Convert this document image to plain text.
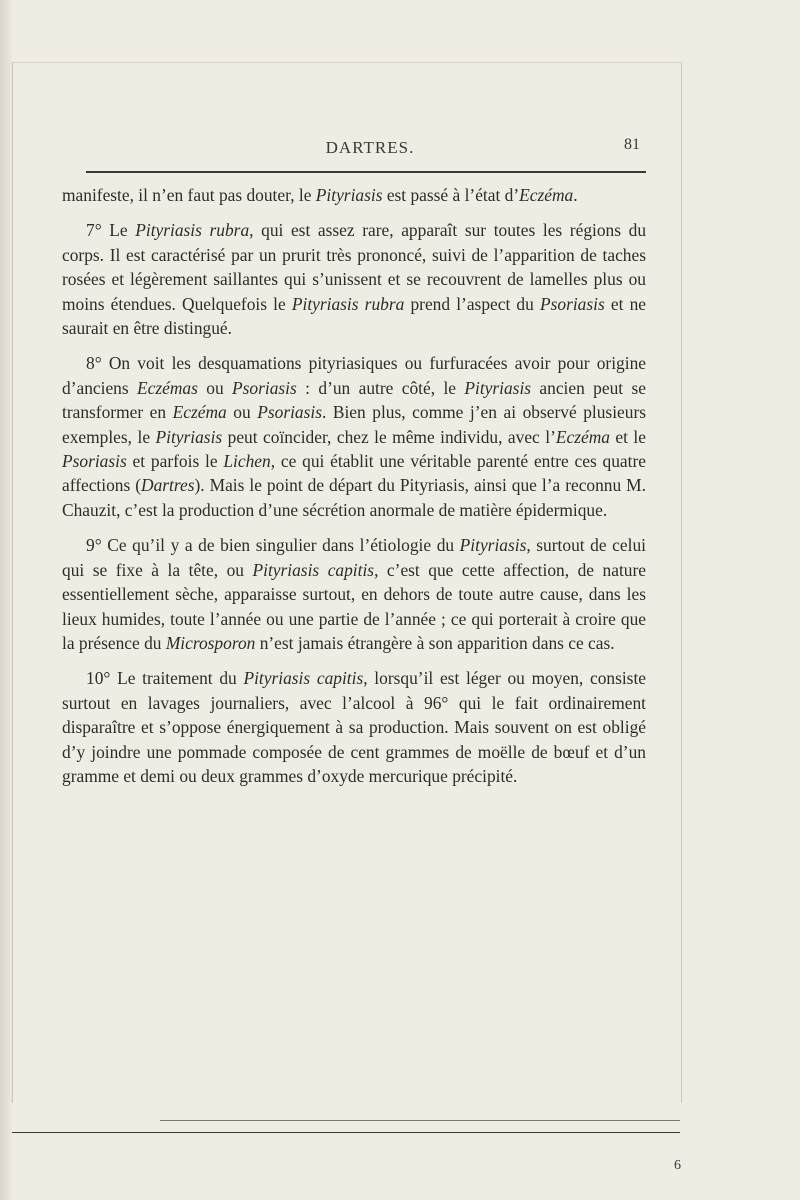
DARTRES.	81

manifeste, il n’en faut pas douter, le Pityriasis est passé à l’état d’Eczéma.

7° Le Pityriasis rubra, qui est assez rare, apparaît sur toutes les régions du corps. Il est caractérisé par un prurit très prononcé, suivi de l’apparition de taches rosées et légèrement saillantes qui s’unissent et se recouvrent de lamelles plus ou moins étendues. Quelquefois le Pityriasis rubra prend l’aspect du Psoriasis et ne saurait en être distingué.

8° On voit les desquamations pityriasiques ou furfuracées avoir pour origine d’anciens Eczémas ou Psoriasis : d’un autre côté, le Pityriasis ancien peut se transformer en Eczéma ou Psoriasis. Bien plus, comme j’en ai observé plusieurs exemples, le Pityriasis peut coïncider, chez le même individu, avec l’Eczéma et le Psoriasis et parfois le Lichen, ce qui établit une véritable parenté entre ces quatre affections (Dartres). Mais le point de départ du Pityriasis, ainsi que l’a reconnu M. Chauzit, c’est la production d’une sécrétion anormale de matière épidermique.

9° Ce qu’il y a de bien singulier dans l’étiologie du Pityriasis, surtout de celui qui se fixe à la tête, ou Pityriasis capitis, c’est que cette affection, de nature essentiellement sèche, apparaisse surtout, en dehors de toute autre cause, dans les lieux humides, toute l’année ou une partie de l’année ; ce qui porterait à croire que la présence du Microsporon n’est jamais étrangère à son apparition dans ce cas.

10° Le traitement du Pityriasis capitis, lorsqu’il est léger ou moyen, consiste surtout en lavages journaliers, avec l’alcool à 96° qui le fait ordinairement disparaître et s’oppose énergiquement à sa production. Mais souvent on est obligé d’y joindre une pommade composée de cent grammes de moëlle de bœuf et d’un gramme et demi ou deux grammes d’oxyde mercurique précipité.

6
